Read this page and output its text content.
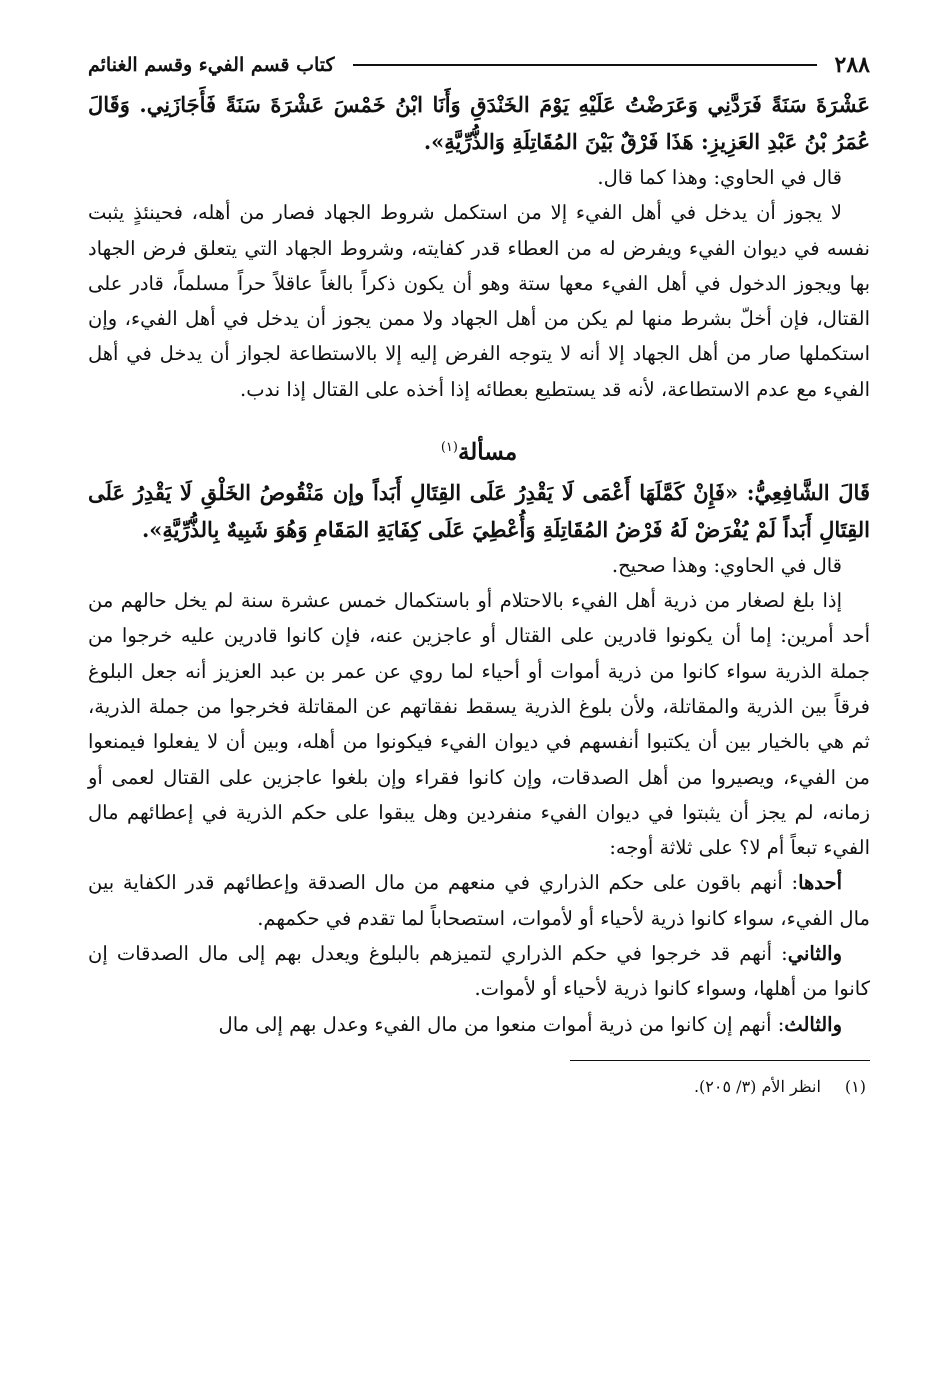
٢٨٨
كتاب قسم الفيء وقسم الغنائم

عَشْرَةَ سَنَةً فَرَدَّنِي وَعَرَضْتُ عَلَيْهِ يَوْمَ الخَنْدَقِ وَأَنَا ابْنُ خَمْسَ عَشْرَةَ سَنَةً فَأَجَازَنِي. وَقَالَ عُمَرُ بْنُ عَبْدِ العَزِيزِ: هَذَا فَرْقٌ بَيْنَ المُقَاتِلَةِ وَالذُّرِّيَّةِ».

قال في الحاوي: وهذا كما قال.

لا يجوز أن يدخل في أهل الفيء إلا من استكمل شروط الجهاد فصار من أهله، فحينئذٍ يثبت نفسه في ديوان الفيء ويفرض له من العطاء قدر كفايته، وشروط الجهاد التي يتعلق فرض الجهاد بها ويجوز الدخول في أهل الفيء معها ستة وهو أن يكون ذكراً بالغاً عاقلاً حراً مسلماً، قادر على القتال، فإن أخلّ بشرط منها لم يكن من أهل الجهاد ولا ممن يجوز أن يدخل في أهل الفيء، وإن استكملها صار من أهل الجهاد إلا أنه لا يتوجه الفرض إليه إلا بالاستطاعة لجواز أن يدخل في أهل الفيء مع عدم الاستطاعة، لأنه قد يستطيع بعطائه إذا أخذه على القتال إذا ندب.

مسألة$^{(١)}$

قَالَ الشَّافِعِيُّ: «فَإِنْ كَمَّلَهَا أَعْمَى لَا يَقْدِرُ عَلَى القِتَالِ أَبَداً وإن مَنْقُوصُ الخَلْقِ لَا يَقْدِرُ عَلَى القِتَالِ أَبَداً لَمْ يُفْرَضْ لَهُ فَرْضُ المُقَاتِلَةِ وَأُعْطِيَ عَلَى كِفَايَةِ المَقَامِ وَهُوَ شَبِيهٌ بِالذُّرِّيَّةِ».

قال في الحاوي: وهذا صحيح.

إذا بلغ لصغار من ذرية أهل الفيء بالاحتلام أو باستكمال خمس عشرة سنة لم يخل حالهم من أحد أمرين: إما أن يكونوا قادرين على القتال أو عاجزين عنه، فإن كانوا قادرين عليه خرجوا من جملة الذرية سواء كانوا من ذرية أموات أو أحياء لما روي عن عمر بن عبد العزيز أنه جعل البلوغ فرقاً بين الذرية والمقاتلة، ولأن بلوغ الذرية يسقط نفقاتهم عن المقاتلة فخرجوا من جملة الذرية، ثم هي بالخيار بين أن يكتبوا أنفسهم في ديوان الفيء فيكونوا من أهله، وبين أن لا يفعلوا فيمنعوا من الفيء، ويصيروا من أهل الصدقات، وإن كانوا فقراء وإن بلغوا عاجزين على القتال لعمى أو زمانه، لم يجز أن يثبتوا في ديوان الفيء منفردين وهل يبقوا على حكم الذرية في إعطائهم مال الفيء تبعاً أم لا؟ على ثلاثة أوجه:

أحدها: أنهم باقون على حكم الذراري في منعهم من مال الصدقة وإعطائهم قدر الكفاية بين مال الفيء، سواء كانوا ذرية لأحياء أو لأموات، استصحاباً لما تقدم في حكمهم.

والثاني: أنهم قد خرجوا في حكم الذراري لتميزهم بالبلوغ ويعدل بهم إلى مال الصدقات إن كانوا من أهلها، وسواء كانوا ذرية لأحياء أو لأموات.

والثالث: أنهم إن كانوا من ذرية أموات منعوا من مال الفيء وعدل بهم إلى مال

(١)
انظر الأم (٣/ ٢٠٥).
